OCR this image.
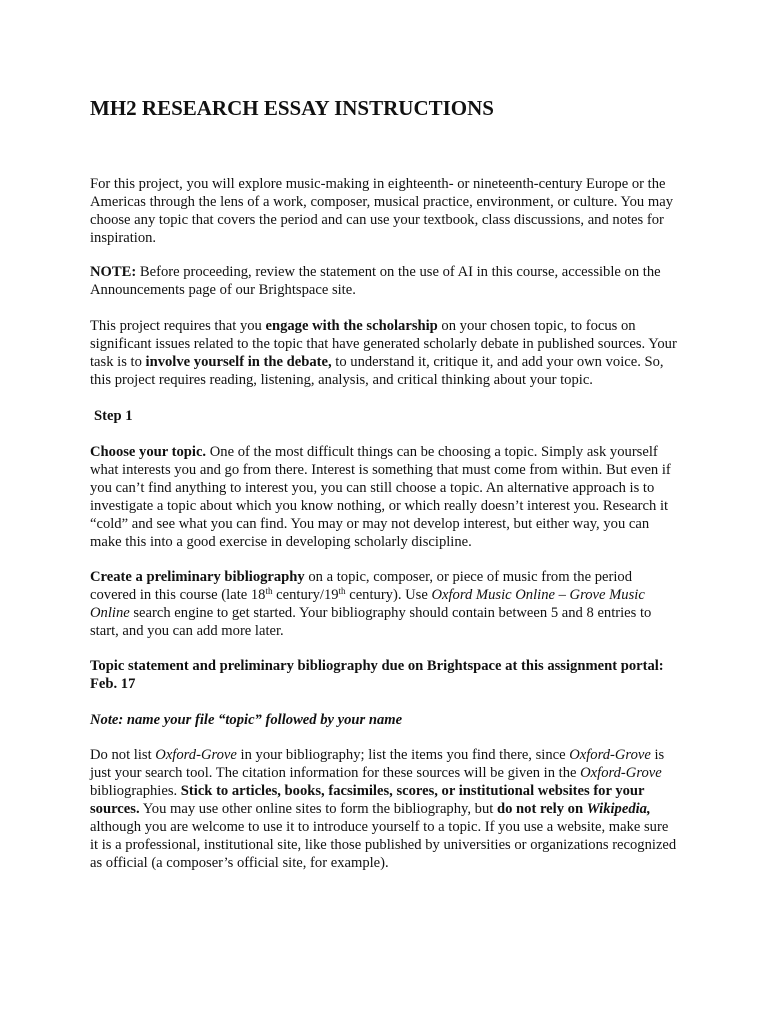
MH2 RESEARCH ESSAY INSTRUCTIONS

For this project, you will explore music-making in eighteenth- or nineteenth-century Europe or the Americas through the lens of a work, composer, musical practice, environment, or culture. You may choose any topic that covers the period and can use your textbook, class discussions, and notes for inspiration.

NOTE: Before proceeding, review the statement on the use of AI in this course, accessible on the Announcements page of our Brightspace site.

This project requires that you engage with the scholarship on your chosen topic, to focus on significant issues related to the topic that have generated scholarly debate in published sources. Your task is to involve yourself in the debate, to understand it, critique it, and add your own voice. So, this project requires reading, listening, analysis, and critical thinking about your topic.

Step 1

Choose your topic. One of the most difficult things can be choosing a topic. Simply ask yourself what interests you and go from there. Interest is something that must come from within. But even if you can’t find anything to interest you, you can still choose a topic. An alternative approach is to investigate a topic about which you know nothing, or which really doesn’t interest you. Research it “cold” and see what you can find. You may or may not develop interest, but either way, you can make this into a good exercise in developing scholarly discipline.

Create a preliminary bibliography on a topic, composer, or piece of music from the period covered in this course (late 18th century/19th century). Use Oxford Music Online – Grove Music Online search engine to get started. Your bibliography should contain between 5 and 8 entries to start, and you can add more later.

Topic statement and preliminary bibliography due on Brightspace at this assignment portal: Feb. 17

Note: name your file “topic” followed by your name

Do not list Oxford-Grove in your bibliography; list the items you find there, since Oxford-Grove is just your search tool. The citation information for these sources will be given in the Oxford-Grove bibliographies. Stick to articles, books, facsimiles, scores, or institutional websites for your sources. You may use other online sites to form the bibliography, but do not rely on Wikipedia, although you are welcome to use it to introduce yourself to a topic. If you use a website, make sure it is a professional, institutional site, like those published by universities or organizations recognized as official (a composer’s official site, for example).
